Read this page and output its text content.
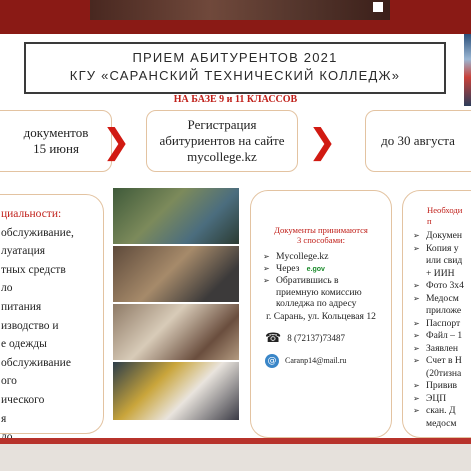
ПРИЕМ АБИТУРЕНТОВ 2021
КГУ «САРАНСКИЙ ТЕХНИЧЕСКИЙ КОЛЛЕДЖ»
НА БАЗЕ 9 и 11 КЛАССОВ
документов
15 июня ❯	Регистрация
абитуриентов на сайте
mycollege.kz	❯	до 30 августа
циальности:
обслуживание,
луатация
тных средств
ло
питания
изводство и
е одежды
обслуживание
ого
ического
я
Документы принимаются
3 способами:
➢ Mycollege.kz
➢ Через e.gov
➢ Обратившись в
приемную комиссию
колледжа по адресу
г. Сарань, ул. Кольцевая 12
☎ 8 (72137)73487
@	Caranp14@mail.ru
Необходи
п
➢ Докумен
➢ Копия у
или свид
+ ИИН
➢ Фото 3х4
➢ Медосм
приложе
➢ Паспорт
➢ Файл – 1
➢ Заявлен
➢ Счет в Н
(20тизна
➢ Привив
➢ ЭЦП
➢ скан. Д
медосм
